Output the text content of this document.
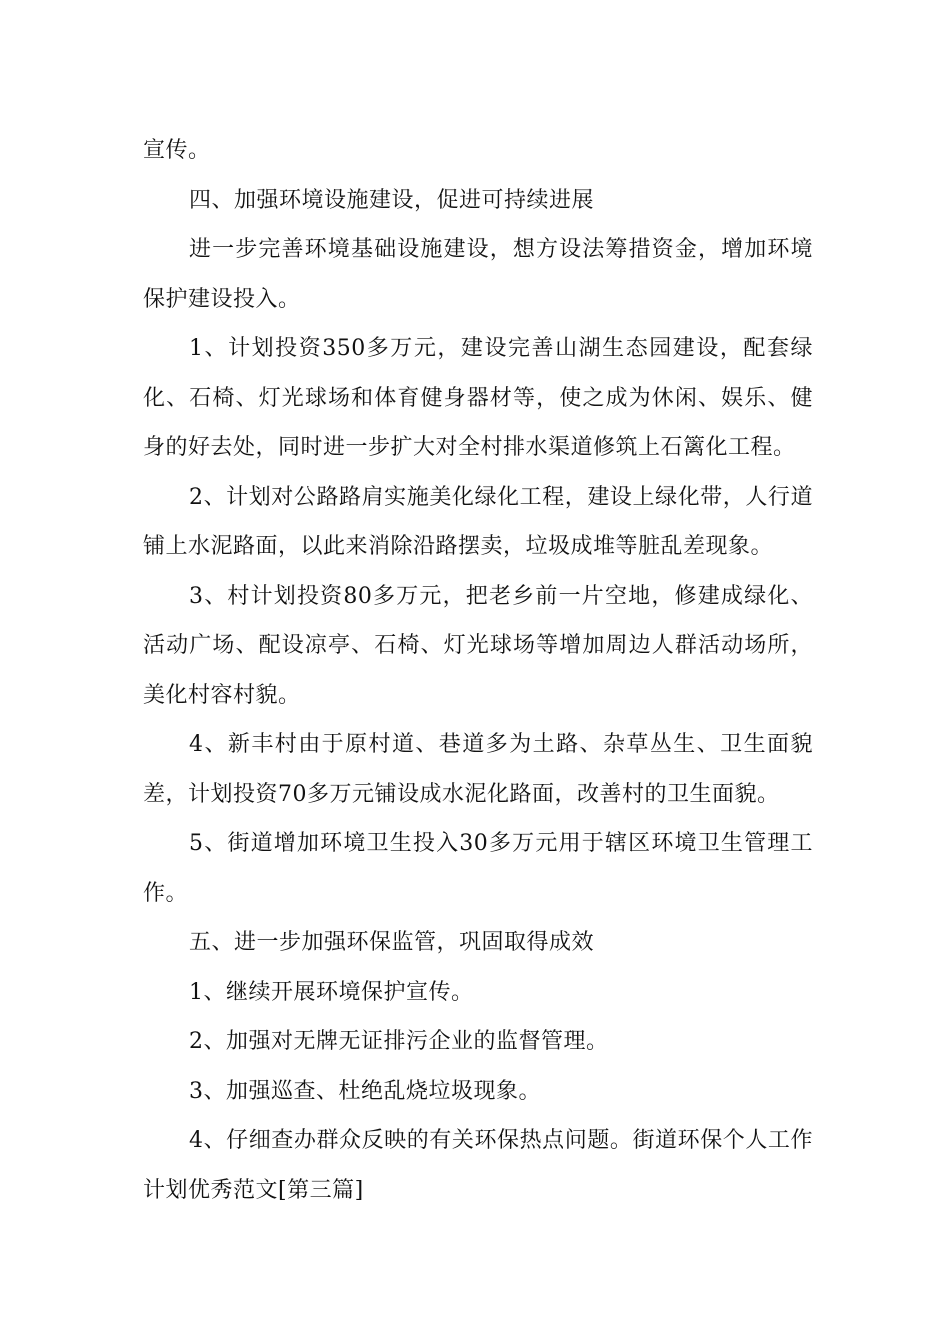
宣传。

四、加强环境设施建设，促进可持续进展

进一步完善环境基础设施建设，想方设法筹措资金，增加环境保护建设投入。

1、计划投资350多万元，建设完善山湖生态园建设，配套绿化、石椅、灯光球场和体育健身器材等，使之成为休闲、娱乐、健身的好去处，同时进一步扩大对全村排水渠道修筑上石篱化工程。

2、计划对公路路肩实施美化绿化工程，建设上绿化带，人行道铺上水泥路面，以此来消除沿路摆卖，垃圾成堆等脏乱差现象。

3、村计划投资80多万元，把老乡前一片空地，修建成绿化、活动广场、配设凉亭、石椅、灯光球场等增加周边人群活动场所，美化村容村貌。

4、新丰村由于原村道、巷道多为土路、杂草丛生、卫生面貌差，计划投资70多万元铺设成水泥化路面，改善村的卫生面貌。

5、街道增加环境卫生投入30多万元用于辖区环境卫生管理工作。

五、进一步加强环保监管，巩固取得成效

1、继续开展环境保护宣传。

2、加强对无牌无证排污企业的监督管理。

3、加强巡查、杜绝乱烧垃圾现象。

4、仔细查办群众反映的有关环保热点问题。街道环保个人工作计划优秀范文[第三篇]
